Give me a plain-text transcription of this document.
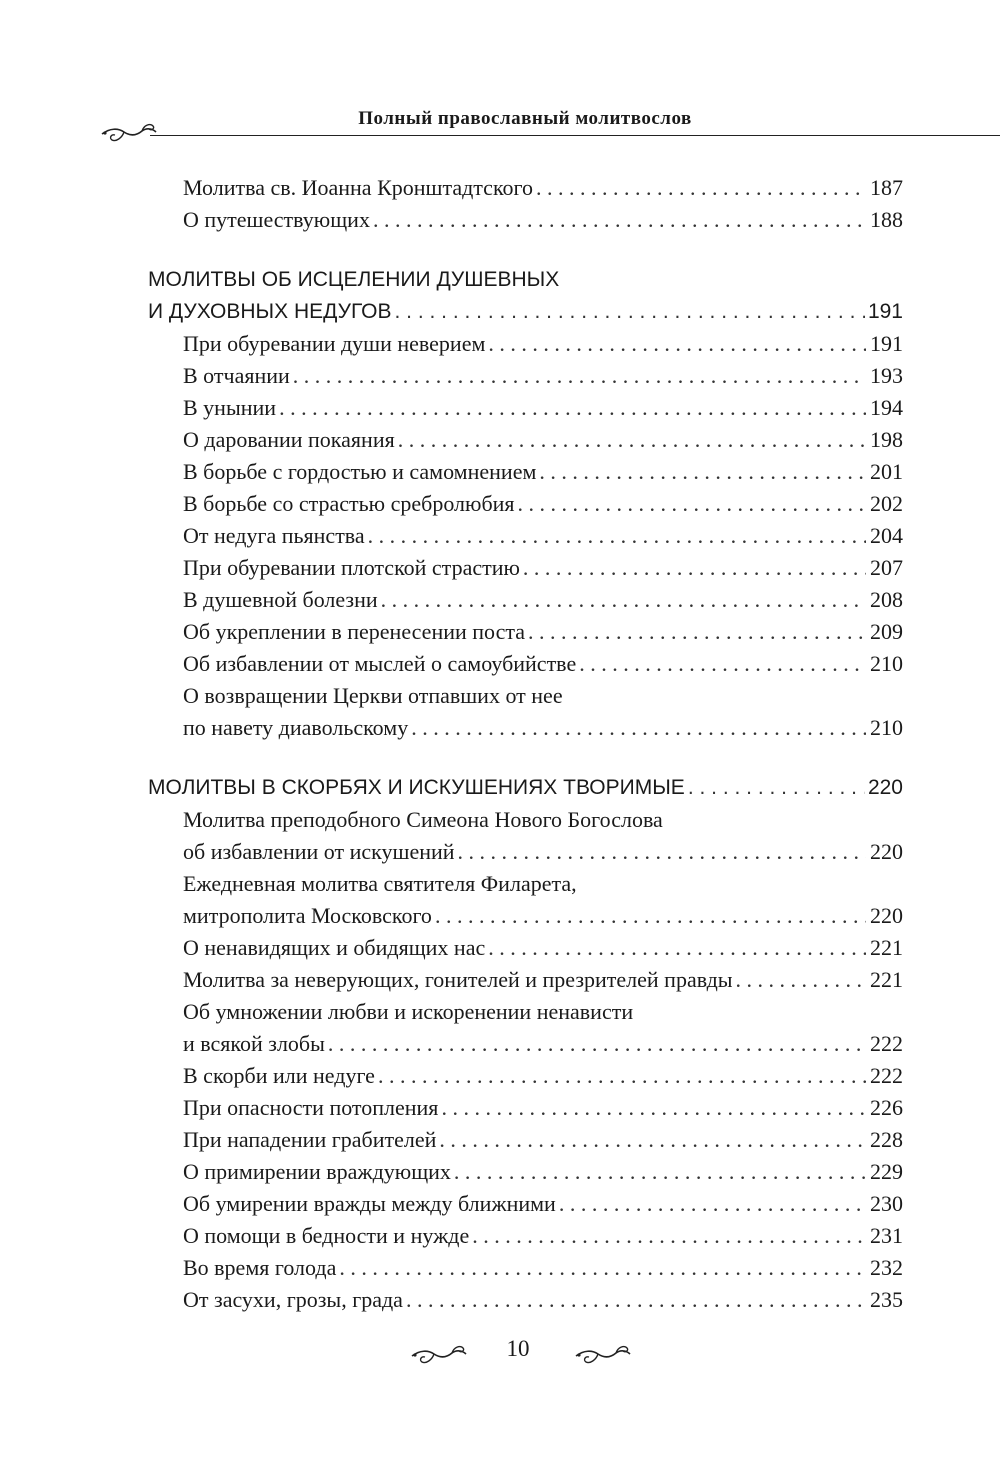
Полный православный молитвослов
Молитва св. Иоанна Кронштадтского . . .	187
О путешествующих . . .	188
МОЛИТВЫ ОБ ИСЦЕЛЕНИИ ДУШЕВНЫХ
И ДУХОВНЫХ НЕДУГОВ . . .	191
При обуревании души неверием . . .	191
В отчаянии . . .	193
В унынии . . .	194
О даровании покаяния . . .	198
В борьбе с гордостью и самомнением . . .	201
В борьбе со страстью сребролюбия . . .	202
От недуга пьянства . . .	204
При обуревании плотской страстию . . .	207
В душевной болезни . . .	208
Об укреплении в перенесении поста . . .	209
Об избавлении от мыслей о самоубийстве . . .	210
О возвращении Церкви отпавших от нее
по навету диавольскому . . .	210
МОЛИТВЫ В СКОРБЯХ И ИСКУШЕНИЯХ ТВОРИМЫЕ . . .	220
Молитва преподобного Симеона Нового Богослова
об избавлении от искушений . . .	220
Ежедневная молитва святителя Филарета,
митрополита Московского . . .	220
О ненавидящих и обидящих нас . . .	221
Молитва за неверующих, гонителей и презрителей правды . . .	221
Об умножении любви и искоренении ненависти
и всякой злобы . . .	222
В скорби или недуге . . .	222
При опасности потопления . . .	226
При нападении грабителей . . .	228
О примирении враждующих . . .	229
Об умирении вражды между ближними . . .	230
О помощи в бедности и нужде . . .	231
Во время голода . . .	232
От засухи, грозы, града . . .	235
10
